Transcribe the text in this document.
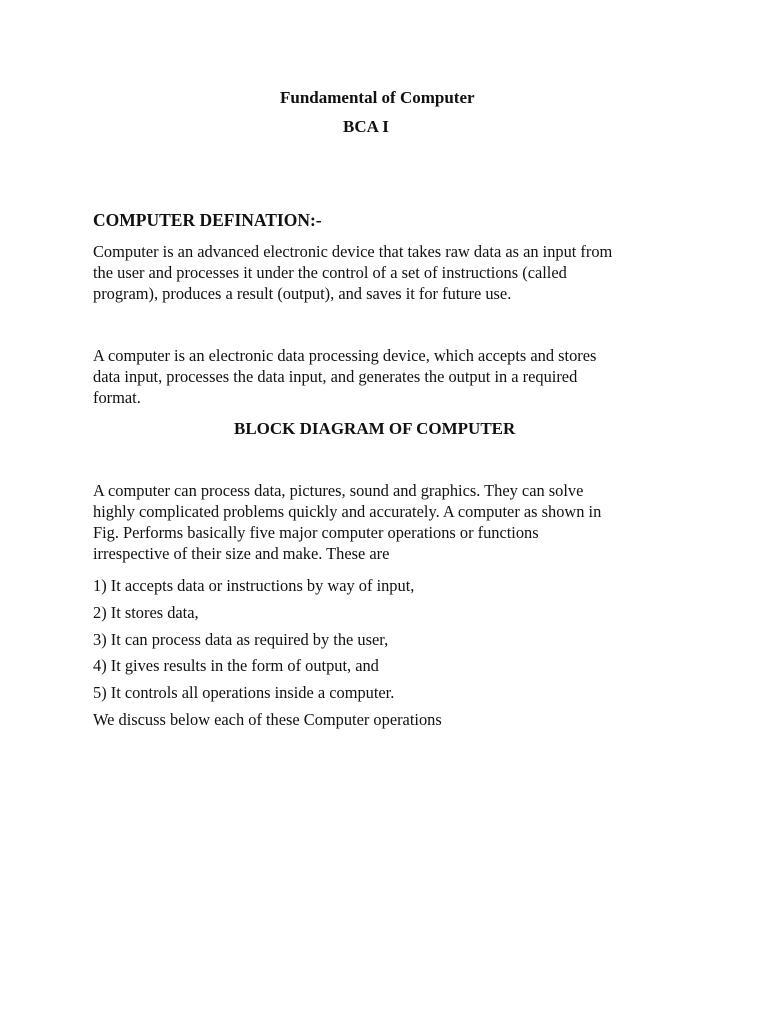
Fundamental of Computer
BCA I
COMPUTER DEFINATION:-
Computer is an advanced electronic device that takes raw data as an input from
the user and processes it under the control of a set of instructions (called
program), produces a result (output), and saves it for future use.
A computer is an electronic data processing device, which accepts and stores
data input, processes the data input, and generates the output in a required
format.
BLOCK DIAGRAM OF COMPUTER
A computer can process data, pictures, sound and graphics. They can solve
highly complicated problems quickly and accurately. A computer as shown in
Fig. Performs basically five major computer operations or functions
irrespective of their size and make. These are
1) It accepts data or instructions by way of input,
2) It stores data,
3) It can process data as required by the user,
4) It gives results in the form of output, and
5) It controls all operations inside a computer.
We discuss below each of these Computer operations
